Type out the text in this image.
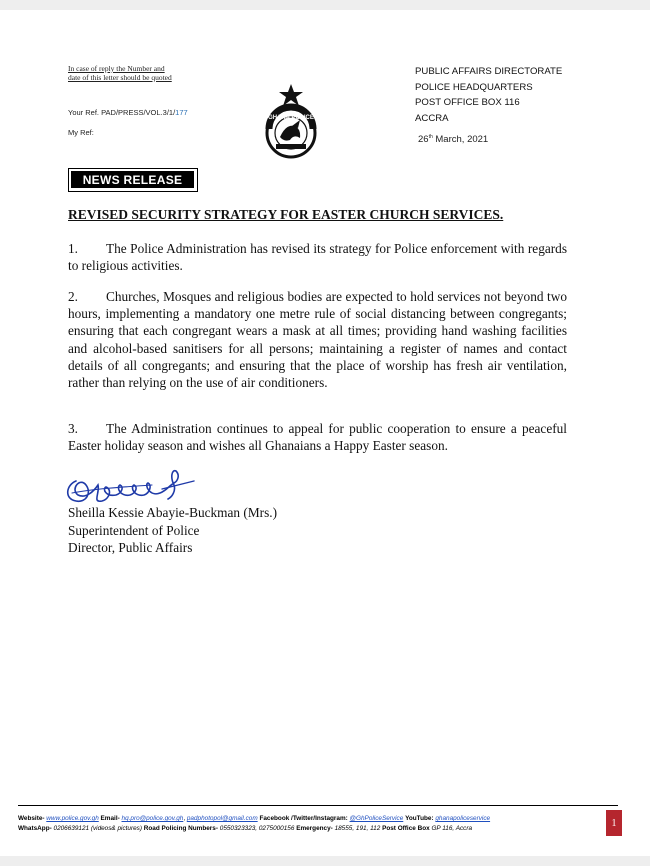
In case of reply the Number and date of this letter should be quoted
Your Ref. PAD/PRESS/VOL.3/1/177
My Ref:
GHANA POLICE
PUBLIC AFFAIRS DIRECTORATE
POLICE HEADQUARTERS
POST OFFICE BOX 116
ACCRA
26th March, 2021
NEWS RELEASE
REVISED SECURITY STRATEGY FOR EASTER CHURCH SERVICES.
1. The Police Administration has revised its strategy for Police enforcement with regards to religious activities.
2. Churches, Mosques and religious bodies are expected to hold services not beyond two hours, implementing a mandatory one metre rule of social distancing between congregants; ensuring that each congregant wears a mask at all times; providing hand washing facilities and alcohol-based sanitisers for all persons; maintaining a register of names and contact details of all congregants; and ensuring that the place of worship has fresh air ventilation, rather than relying on the use of air conditioners.
3. The Administration continues to appeal for public cooperation to ensure a peaceful Easter holiday season and wishes all Ghanaians a Happy Easter season.
Sheilla Kessie Abayie-Buckman (Mrs.)
Superintendent of Police
Director, Public Affairs
Website- www.police.gov.gh Email- hq.pro@police.gov.gh, padphotopol@gmail.com Facebook /Twitter/Instagram: @GhPoliceService YouTube: ghanapoliceservice
WhatsApp- 0206639121 (videos& pictures) Road Policing Numbers- 0550323323, 0275000156 Emergency- 18555, 191, 112 Post Office Box GP 116, Accra	1
